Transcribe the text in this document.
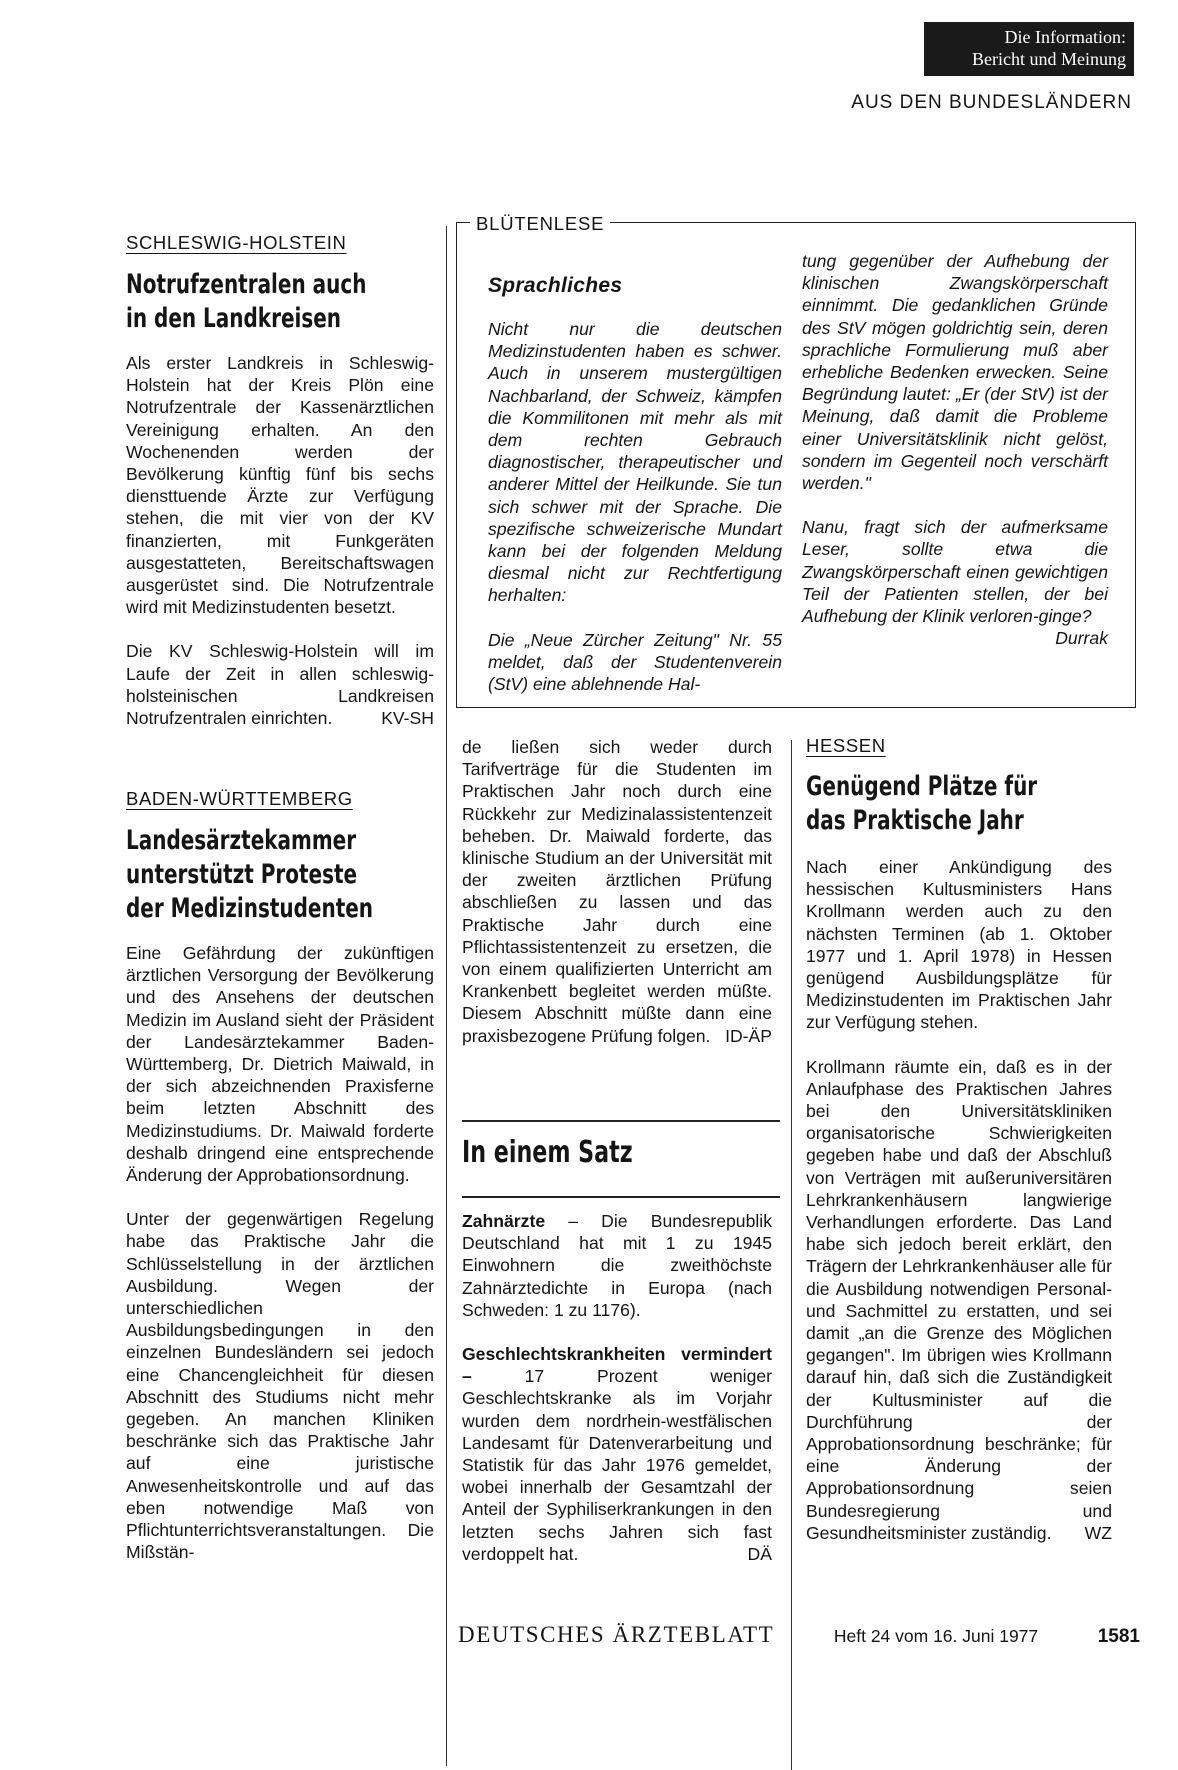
Die Information:
Bericht und Meinung
AUS DEN BUNDESLÄNDERN
SCHLESWIG-HOLSTEIN
Notrufzentralen auch
in den Landkreisen

Als erster Landkreis in Schleswig-Holstein hat der Kreis Plön eine Notrufzentrale der Kassenärztlichen Vereinigung erhalten. An den Wochenenden werden der Bevölkerung künftig fünf bis sechs diensttuende Ärzte zur Verfügung stehen, die mit vier von der KV finanzierten, mit Funkgeräten ausgestatteten, Bereitschaftswagen ausgerüstet sind. Die Notrufzentrale wird mit Medizinstudenten besetzt.

Die KV Schleswig-Holstein will im Laufe der Zeit in allen schleswig-holsteinischen Landkreisen Notrufzentralen einrichten.	KV-SH

BADEN-WÜRTTEMBERG
Landesärztekammer
unterstützt Proteste
der Medizinstudenten

Eine Gefährdung der zukünftigen ärztlichen Versorgung der Bevölkerung und des Ansehens der deutschen Medizin im Ausland sieht der Präsident der Landesärztekammer Baden-Württemberg, Dr. Dietrich Maiwald, in der sich abzeichnenden Praxisferne beim letzten Abschnitt des Medizinstudiums. Dr. Maiwald forderte deshalb dringend eine entsprechende Änderung der Approbationsordnung.

Unter der gegenwärtigen Regelung habe das Praktische Jahr die Schlüsselstellung in der ärztlichen Ausbildung. Wegen der unterschiedlichen Ausbildungsbedingungen in den einzelnen Bundesländern sei jedoch eine Chancengleichheit für diesen Abschnitt des Studiums nicht mehr gegeben. An manchen Kliniken beschränke sich das Praktische Jahr auf eine juristische Anwesenheitskontrolle und auf das eben notwendige Maß von Pflichtunterrichtsveranstaltungen. Die Mißstän-

BLÜTENLESE
Sprachliches

Nicht nur die deutschen Medizinstudenten haben es schwer. Auch in unserem mustergültigen Nachbarland, der Schweiz, kämpfen die Kommilitonen mit mehr als mit dem rechten Gebrauch diagnostischer, therapeutischer und anderer Mittel der Heilkunde. Sie tun sich schwer mit der Sprache. Die spezifische schweizerische Mundart kann bei der folgenden Meldung diesmal nicht zur Rechtfertigung herhalten:

Die „Neue Zürcher Zeitung" Nr. 55 meldet, daß der Studentenverein (StV) eine ablehnende Hal-

tung gegenüber der Aufhebung der klinischen Zwangskörperschaft einnimmt. Die gedanklichen Gründe des StV mögen goldrichtig sein, deren sprachliche Formulierung muß aber erhebliche Bedenken erwecken. Seine Begründung lautet: „Er (der StV) ist der Meinung, daß damit die Probleme einer Universitätsklinik nicht gelöst, sondern im Gegenteil noch verschärft werden."

Nanu, fragt sich der aufmerksame Leser, sollte etwa die Zwangskörperschaft einen gewichtigen Teil der Patienten stellen, der bei Aufhebung der Klinik verloren-ginge?
Durrak

de ließen sich weder durch Tarifverträge für die Studenten im Praktischen Jahr noch durch eine Rückkehr zur Medizinalassistentenzeit beheben. Dr. Maiwald forderte, das klinische Studium an der Universität mit der zweiten ärztlichen Prüfung abschließen zu lassen und das Praktische Jahr durch eine Pflichtassistentenzeit zu ersetzen, die von einem qualifizierten Unterricht am Krankenbett begleitet werden müßte. Diesem Abschnitt müßte dann eine praxisbezogene Prüfung folgen. ID-ÄP

In einem Satz

Zahnärzte – Die Bundesrepublik Deutschland hat mit 1 zu 1945 Einwohnern die zweithöchste Zahnärztedichte in Europa (nach Schweden: 1 zu 1176).

Geschlechtskrankheiten vermindert – 17 Prozent weniger Geschlechtskranke als im Vorjahr wurden dem nordrhein-westfälischen Landesamt für Datenverarbeitung und Statistik für das Jahr 1976 gemeldet, wobei innerhalb der Gesamtzahl der Anteil der Syphiliserkrankungen in den letzten sechs Jahren sich fast verdoppelt hat.	DÄ

HESSEN
Genügend Plätze für
das Praktische Jahr

Nach einer Ankündigung des hessischen Kultusministers Hans Krollmann werden auch zu den nächsten Terminen (ab 1. Oktober 1977 und 1. April 1978) in Hessen genügend Ausbildungsplätze für Medizinstudenten im Praktischen Jahr zur Verfügung stehen.

Krollmann räumte ein, daß es in der Anlaufphase des Praktischen Jahres bei den Universitätskliniken organisatorische Schwierigkeiten gegeben habe und daß der Abschluß von Verträgen mit außeruniversitären Lehrkrankenhäusern langwierige Verhandlungen erforderte. Das Land habe sich jedoch bereit erklärt, den Trägern der Lehrkrankenhäuser alle für die Ausbildung notwendigen Personal- und Sachmittel zu erstatten, und sei damit „an die Grenze des Möglichen gegangen". Im übrigen wies Krollmann darauf hin, daß sich die Zuständigkeit der Kultusminister auf die Durchführung der Approbationsordnung beschränke; für eine Änderung der Approbationsordnung seien Bundesregierung und Gesundheitsminister zuständig. WZ

DEUTSCHES ÄRZTEBLATT	Heft 24 vom 16. Juni 1977	1581
